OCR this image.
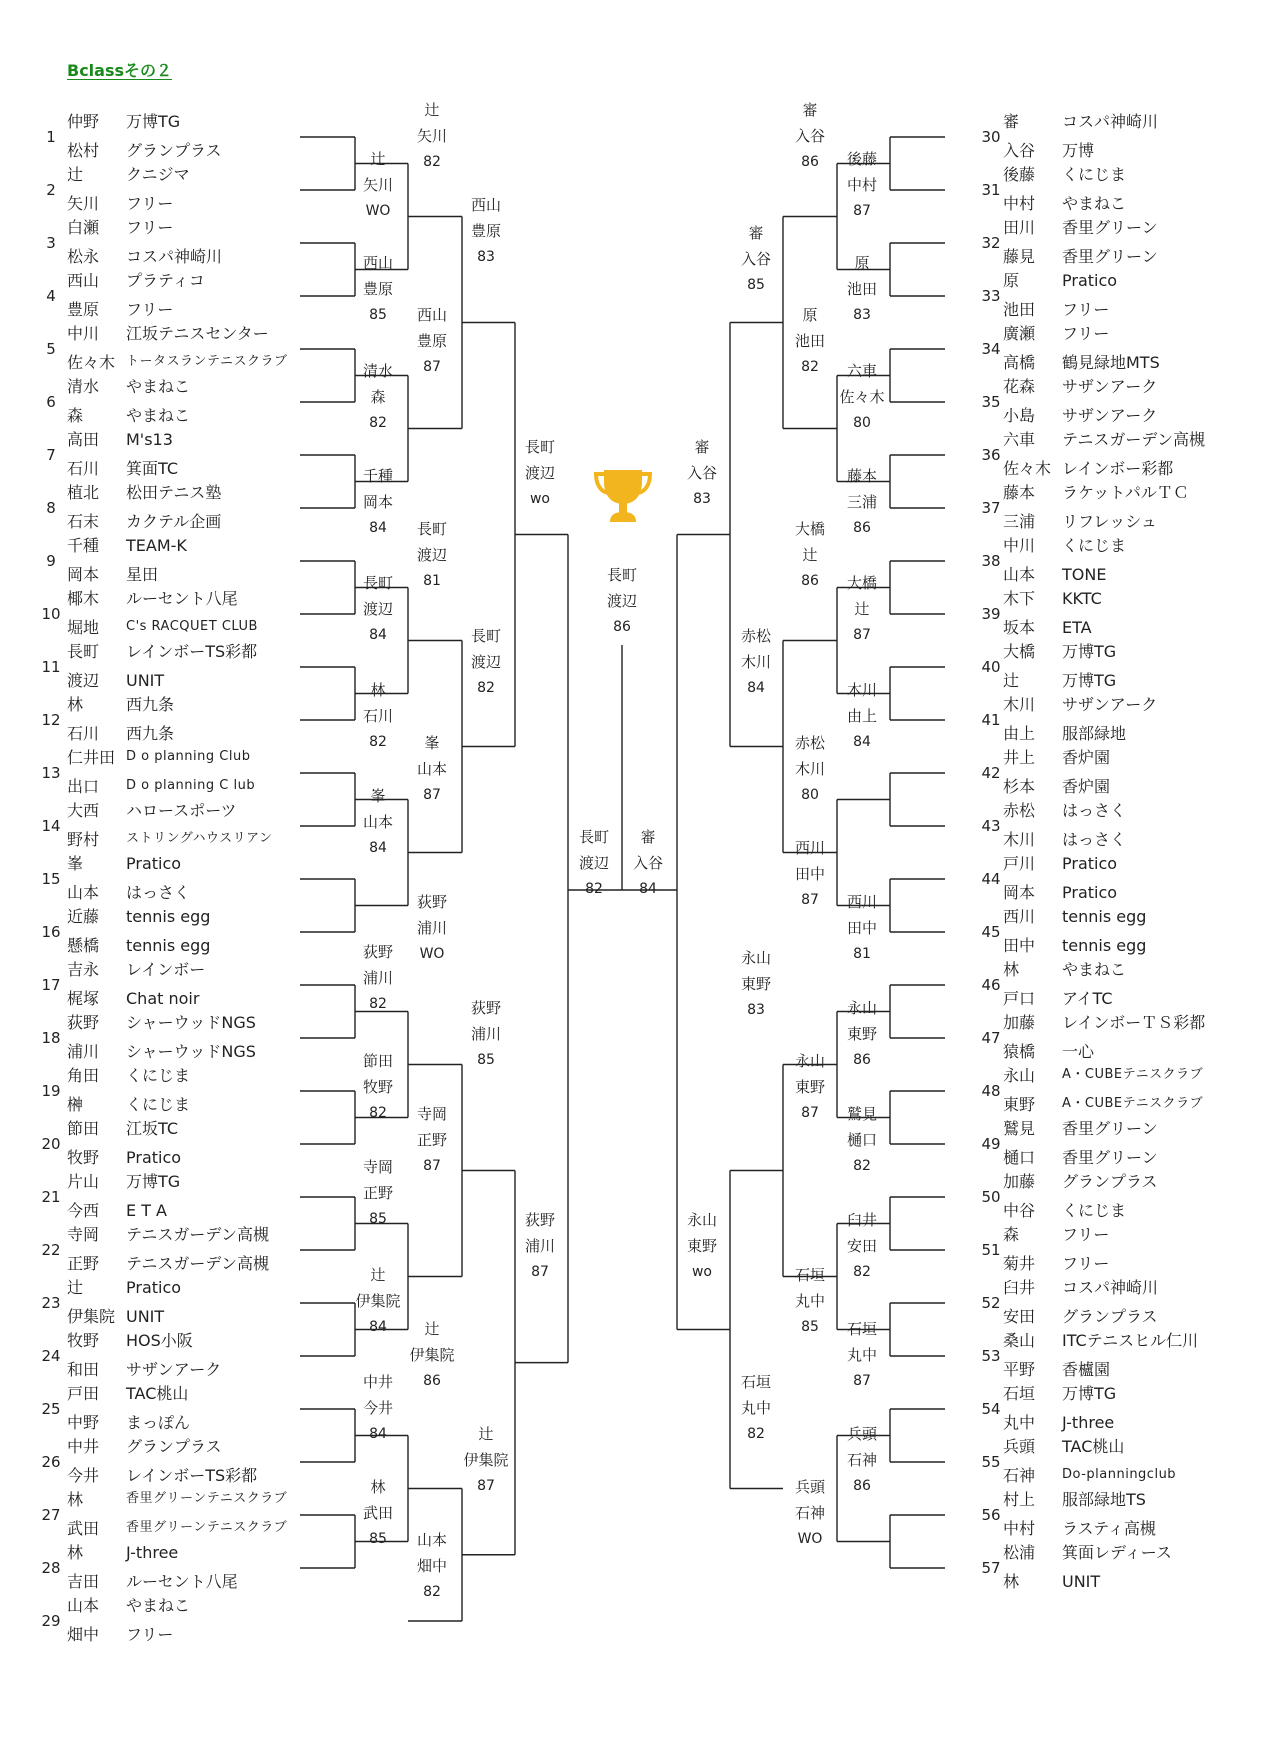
Bclassその２
1
仲野 万博TG
松村 グランプラス
2
辻	クニジマ
矢川 フリー
3
白瀬 フリー
松永 コスパ神崎川
4
西山 プラティコ
豊原 フリー
5
中川 江坂テニスセンター
佐々木 トータスランテニスクラブ
6
清水 やまねこ
森	やまねこ
7
高田 M's13
石川 箕面TC
8
植北 松田テニス塾
石末 カクテル企画
9
千種 TEAM-K
岡本 星田
10
椰木 ルーセント八尾
堀地 C's RACQUET CLUB
11
長町 レインボーTS彩都
渡辺 UNIT
12
林	西九条
石川 西九条
13
仁井田 D o planning Club
出口 D o planning C lub
14
大西 ハロースポーツ
野村 ストリングハウスリアン
15
峯	Pratico
山本 はっさく
16
近藤 tennis egg
懸橋 tennis egg
17
吉永 レインボー
梶塚 Chat noir
18
荻野 シャーウッドNGS
浦川 シャーウッドNGS
19
角田 くにじま
榊	くにじま
20
節田 江坂TC
牧野 Pratico
21
片山 万博TG
今西 E T A
22
寺岡 テニスガーデン高槻
正野 テニスガーデン高槻
23
辻	Pratico
伊集院 UNIT
24
牧野 HOS小阪
和田 サザンアーク
25
戸田 TAC桃山
中野 まっぽん
26
中井 グランプラス
今井 レインボーTS彩都
27
林	香里グリーンテニスクラブ
武田 香里グリーンテニスクラブ
28
林	J-three
吉田 ルーセント八尾
29
山本 やまねこ
畑中 フリー
30
審	コスパ神崎川
入谷 万博
31
後藤 くにじま
中村 やまねこ
32
田川 香里グリーン
藤見 香里グリーン
33
原	Pratico
池田 フリー
34
廣瀬 フリー
高橋 鶴見緑地MTS
35
花森 サザンアーク
小島 サザンアーク
36
六車 テニスガーデン高槻
佐々木 レインボー彩都
37
藤本 ラケットパルＴＣ
三浦 リフレッシュ
38
中川 くにじま
山本 TONE
39
木下 KKTC
坂本 ETA
40
大橋 万博TG
辻	万博TG
41
木川 サザンアーク
由上 服部緑地
42
井上 香炉園
杉本 香炉園
43
赤松 はっさく
木川 はっさく
44
戸川 Pratico
岡本 Pratico
45
西川 tennis egg
田中 tennis egg
46
林	やまねこ
戸口 アイTC
47
加藤 レインボーＴＳ彩都
猿橋 一心
48
永山 A・CUBEテニスクラブ
東野 A・CUBEテニスクラブ
49
鷲見 香里グリーン
樋口 香里グリーン
50
加藤 グランプラス
中谷 くにじま
51
森	フリー
菊井 フリー
52
臼井 コスパ神崎川
安田 グランプラス
53
桑山 ITCテニスヒル仁川
平野 香櫨園
54
石垣 万博TG
丸中 J-three
55
兵頭 TAC桃山
石神 Do-planningclub
56
村上 服部緑地TS
中村 ラスティ高槻
57
松浦 箕面レディース
林	UNIT
辻
矢川
82
辻
矢川
WO
西山
豊原
85	西山
豊原
87
西山
豊原
83
清水
森
82
千種
岡本
84	長町
渡辺
81
長町
渡辺
84	長町
渡辺
82
長町
渡辺
wo
林
石川
82	峯
山本
87
峯
山本
84
荻野
浦川
WO
荻野
浦川
82	荻野
浦川
85
荻野
浦川
87
節田
牧野
82	寺岡
正野
87
寺岡
正野
85
辻
伊集院
84	辻
伊集院
86
辻
伊集院
87
中井
今井
84
林
武田
85	山本
畑中
82
長町
渡辺
82
審
入谷
84
長町
渡辺
86
審
入谷
86	後藤
中村
87
審
入谷
85
原
池田
83
原
池田
82	六車
佐々木
80
審
入谷
83
藤本
三浦
86
大橋
辻
86	大橋
辻
87
赤松
木川
84	木川
由上
84
赤松
木川
80
西川
田中
87	西川
田中
81
永山
東野
83	永山
東野
86
永山
東野
87	鷲見
樋口
82
永山
東野
wo
臼井
安田
82
石垣
丸中
85	石垣
丸中
87
石垣
丸中
82	兵頭
石神
86
兵頭
石神
WO
